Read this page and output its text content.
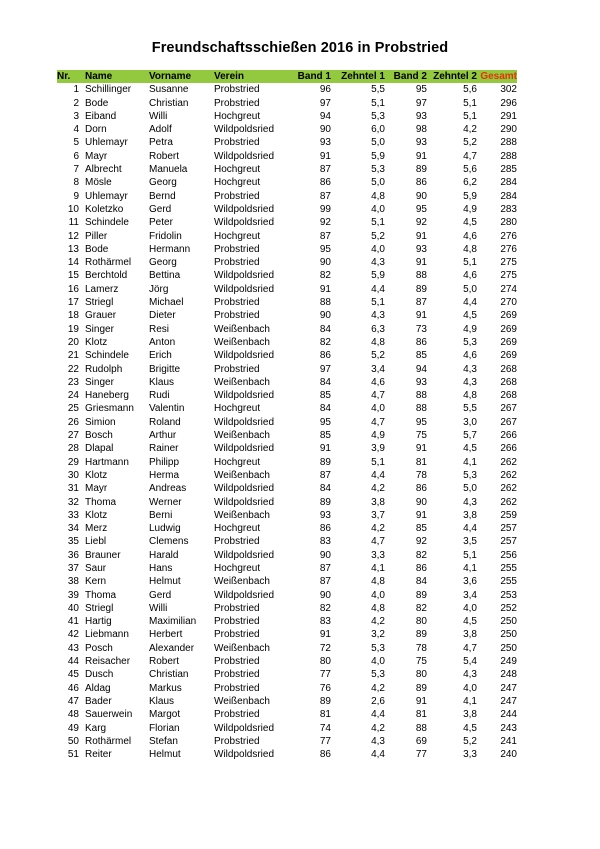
Freundschaftsschießen 2016 in Probstried
Nr.	Name	Vorname	Verein	Band 1	Zehntel 1	Band 2	Zehntel 2	Gesamt
1	Schillinger	Susanne	Probstried	96	5,5	95	5,6	302
2	Bode	Christian	Probstried	97	5,1	97	5,1	296
3	Eiband	Willi	Hochgreut	94	5,3	93	5,1	291
4	Dorn	Adolf	Wildpoldsried	90	6,0	98	4,2	290
5	Uhlemayr	Petra	Probstried	93	5,0	93	5,2	288
6	Mayr	Robert	Wildpoldsried	91	5,9	91	4,7	288
7	Albrecht	Manuela	Hochgreut	87	5,3	89	5,6	285
8	Mösle	Georg	Hochgreut	86	5,0	86	6,2	284
9	Uhlemayr	Bernd	Probstried	87	4,8	90	5,9	284
10	Koletzko	Gerd	Wildpoldsried	99	4,0	95	4,9	283
11	Schindele	Peter	Wildpoldsried	92	5,1	92	4,5	280
12	Piller	Fridolin	Hochgreut	87	5,2	91	4,6	276
13	Bode	Hermann	Probstried	95	4,0	93	4,8	276
14	Rothärmel	Georg	Probstried	90	4,3	91	5,1	275
15	Berchtold	Bettina	Wildpoldsried	82	5,9	88	4,6	275
16	Lamerz	Jörg	Wildpoldsried	91	4,4	89	5,0	274
17	Striegl	Michael	Probstried	88	5,1	87	4,4	270
18	Grauer	Dieter	Probstried	90	4,3	91	4,5	269
19	Singer	Resi	Weißenbach	84	6,3	73	4,9	269
20	Klotz	Anton	Weißenbach	82	4,8	86	5,3	269
21	Schindele	Erich	Wildpoldsried	86	5,2	85	4,6	269
22	Rudolph	Brigitte	Probstried	97	3,4	94	4,3	268
23	Singer	Klaus	Weißenbach	84	4,6	93	4,3	268
24	Haneberg	Rudi	Wildpoldsried	85	4,7	88	4,8	268
25	Griesmann	Valentin	Hochgreut	84	4,0	88	5,5	267
26	Simion	Roland	Wildpoldsried	95	4,7	95	3,0	267
27	Bosch	Arthur	Weißenbach	85	4,9	75	5,7	266
28	Dlapal	Rainer	Wildpoldsried	91	3,9	91	4,5	266
29	Hartmann	Philipp	Hochgreut	89	5,1	81	4,1	262
30	Klotz	Herma	Weißenbach	87	4,4	78	5,3	262
31	Mayr	Andreas	Wildpoldsried	84	4,2	86	5,0	262
32	Thoma	Werner	Wildpoldsried	89	3,8	90	4,3	262
33	Klotz	Berni	Weißenbach	93	3,7	91	3,8	259
34	Merz	Ludwig	Hochgreut	86	4,2	85	4,4	257
35	Liebl	Clemens	Probstried	83	4,7	92	3,5	257
36	Brauner	Harald	Wildpoldsried	90	3,3	82	5,1	256
37	Saur	Hans	Hochgreut	87	4,1	86	4,1	255
38	Kern	Helmut	Weißenbach	87	4,8	84	3,6	255
39	Thoma	Gerd	Wildpoldsried	90	4,0	89	3,4	253
40	Striegl	Willi	Probstried	82	4,8	82	4,0	252
41	Hartig	Maximilian	Probstried	83	4,2	80	4,5	250
42	Liebmann	Herbert	Probstried	91	3,2	89	3,8	250
43	Posch	Alexander	Weißenbach	72	5,3	78	4,7	250
44	Reisacher	Robert	Probstried	80	4,0	75	5,4	249
45	Dusch	Christian	Probstried	77	5,3	80	4,3	248
46	Aldag	Markus	Probstried	76	4,2	89	4,0	247
47	Bader	Klaus	Weißenbach	89	2,6	91	4,1	247
48	Sauerwein	Margot	Probstried	81	4,4	81	3,8	244
49	Karg	Florian	Wildpoldsried	74	4,2	88	4,5	243
50	Rothärmel	Stefan	Probstried	77	4,3	69	5,2	241
51	Reiter	Helmut	Wildpoldsried	86	4,4	77	3,3	240
